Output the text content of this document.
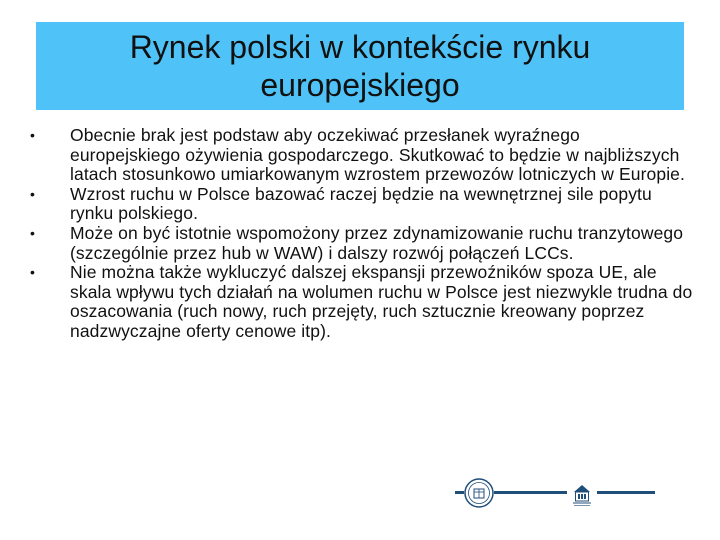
Rynek polski w kontekście rynku europejskiego
• Obecnie brak jest podstaw aby oczekiwać przesłanek wyraźnego europejskiego ożywienia gospodarczego. Skutkować to będzie w najbliższych latach stosunkowo umiarkowanym wzrostem przewozów lotniczych w Europie.
• Wzrost ruchu w Polsce bazować raczej będzie na wewnętrznej sile popytu rynku polskiego.
• Może on być istotnie wspomożony przez zdynamizowanie ruchu tranzytowego (szczególnie przez hub w WAW) i dalszy rozwój połączeń LCCs.
• Nie można także wykluczyć dalszej ekspansji przewoźników spoza UE, ale skala wpływu tych działań na wolumen ruchu w Polsce jest niezwykle trudna do oszacowania (ruch nowy, ruch przejęty, ruch sztucznie kreowany poprzez nadzwyczajne oferty cenowe itp).
